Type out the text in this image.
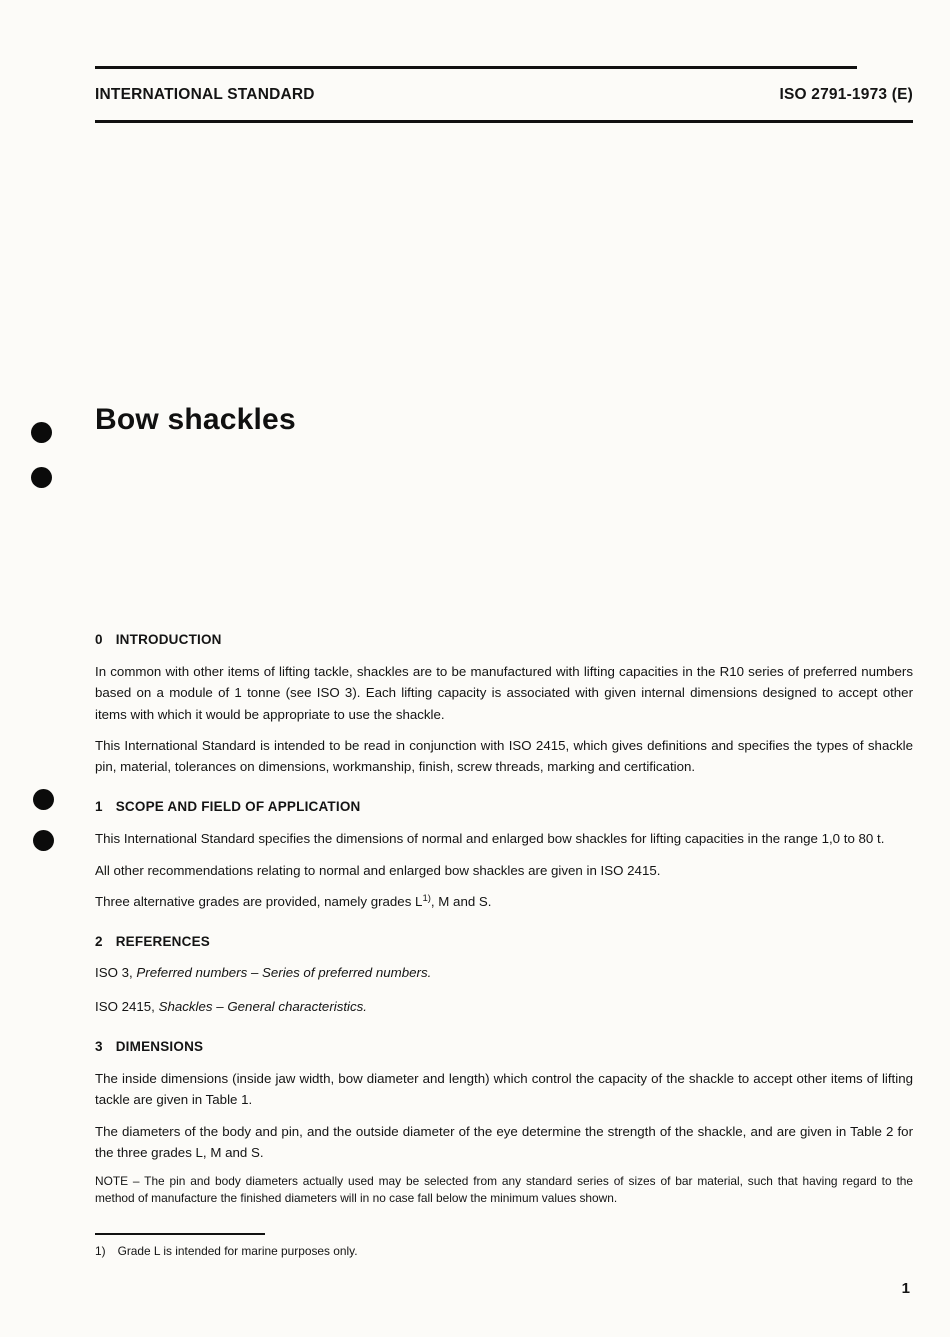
INTERNATIONAL STANDARD	ISO 2791-1973 (E)
Bow shackles
0 INTRODUCTION

In common with other items of lifting tackle, shackles are to be manufactured with lifting capacities in the R10 series of preferred numbers based on a module of 1 tonne (see ISO 3). Each lifting capacity is associated with given internal dimensions designed to accept other items with which it would be appropriate to use the shackle.

This International Standard is intended to be read in conjunction with ISO 2415, which gives definitions and specifies the types of shackle pin, material, tolerances on dimensions, workmanship, finish, screw threads, marking and certification.

1 SCOPE AND FIELD OF APPLICATION

This International Standard specifies the dimensions of normal and enlarged bow shackles for lifting capacities in the range 1,0 to 80 t.

All other recommendations relating to normal and enlarged bow shackles are given in ISO 2415.

Three alternative grades are provided, namely grades L$^{1)}$, M and S.

2 REFERENCES

ISO 3, Preferred numbers – Series of preferred numbers.

ISO 2415, Shackles – General characteristics.

3 DIMENSIONS

The inside dimensions (inside jaw width, bow diameter and length) which control the capacity of the shackle to accept other items of lifting tackle are given in Table 1.

The diameters of the body and pin, and the outside diameter of the eye determine the strength of the shackle, and are given in Table 2 for the three grades L, M and S.

NOTE – The pin and body diameters actually used may be selected from any standard series of sizes of bar material, such that having regard to the method of manufacture the finished diameters will in no case fall below the minimum values shown.

1) Grade L is intended for marine purposes only.

1
